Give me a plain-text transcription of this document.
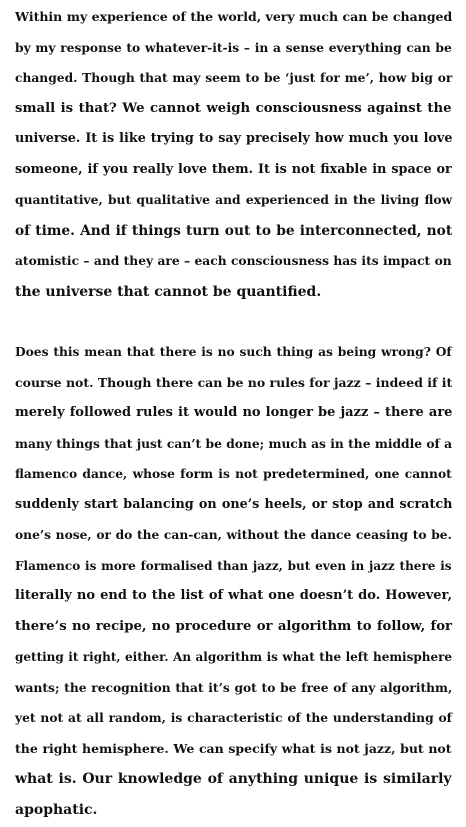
Within my experience of the world, very much can be changed
by my response to whatever-it-is – in a sense everything can be
changed. Though that may seem to be ‘just for me’, how big or
small is that? We cannot weigh consciousness against the
universe. It is like trying to say precisely how much you love
someone, if you really love them. It is not fixable in space or
quantitative, but qualitative and experienced in the living flow
of time. And if things turn out to be interconnected, not
atomistic – and they are – each consciousness has its impact on
the universe that cannot be quantified.
Does this mean that there is no such thing as being wrong? Of
course not. Though there can be no rules for jazz – indeed if it
merely followed rules it would no longer be jazz – there are
many things that just can’t be done; much as in the middle of a
flamenco dance, whose form is not predetermined, one cannot
suddenly start balancing on one’s heels, or stop and scratch
one’s nose, or do the can-can, without the dance ceasing to be.
Flamenco is more formalised than jazz, but even in jazz there is
literally no end to the list of what one doesn’t do. However,
there’s no recipe, no procedure or algorithm to follow, for
getting it right, either. An algorithm is what the left hemisphere
wants; the recognition that it’s got to be free of any algorithm,
yet not at all random, is characteristic of the understanding of
the right hemisphere. We can specify what is not jazz, but not
what is. Our knowledge of anything unique is similarly
apophatic.
